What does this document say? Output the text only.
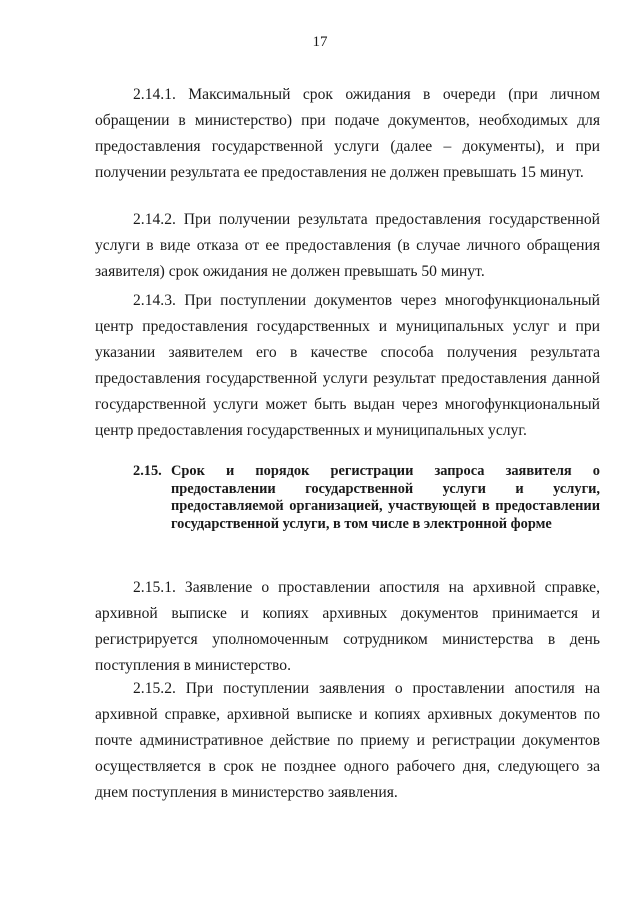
17

2.14.1. Максимальный срок ожидания в очереди (при личном обращении в министерство) при подаче документов, необходимых для предоставления государственной услуги (далее – документы), и при получении результата ее предоставления не должен превышать 15 минут.

2.14.2. При получении результата предоставления государственной услуги в виде отказа от ее предоставления (в случае личного обращения заявителя) срок ожидания не должен превышать 50 минут.

2.14.3. При поступлении документов через многофункциональный центр предоставления государственных и муниципальных услуг и при указании заявителем его в качестве способа получения результата предоставления государственной услуги результат предоставления данной государственной услуги может быть выдан через многофункциональный центр предоставления государственных и муниципальных услуг.

2.15. Срок и порядок регистрации запроса заявителя о предоставлении государственной услуги и услуги, предоставляемой организацией, участвующей в предоставлении государственной услуги, в том числе в электронной форме

2.15.1. Заявление о проставлении апостиля на архивной справке, архивной выписке и копиях архивных документов принимается и регистрируется уполномоченным сотрудником министерства в день поступления в министерство.

2.15.2. При поступлении заявления о проставлении апостиля на архивной справке, архивной выписке и копиях архивных документов по почте административное действие по приему и регистрации документов осуществляется в срок не позднее одного рабочего дня, следующего за днем поступления в министерство заявления.
